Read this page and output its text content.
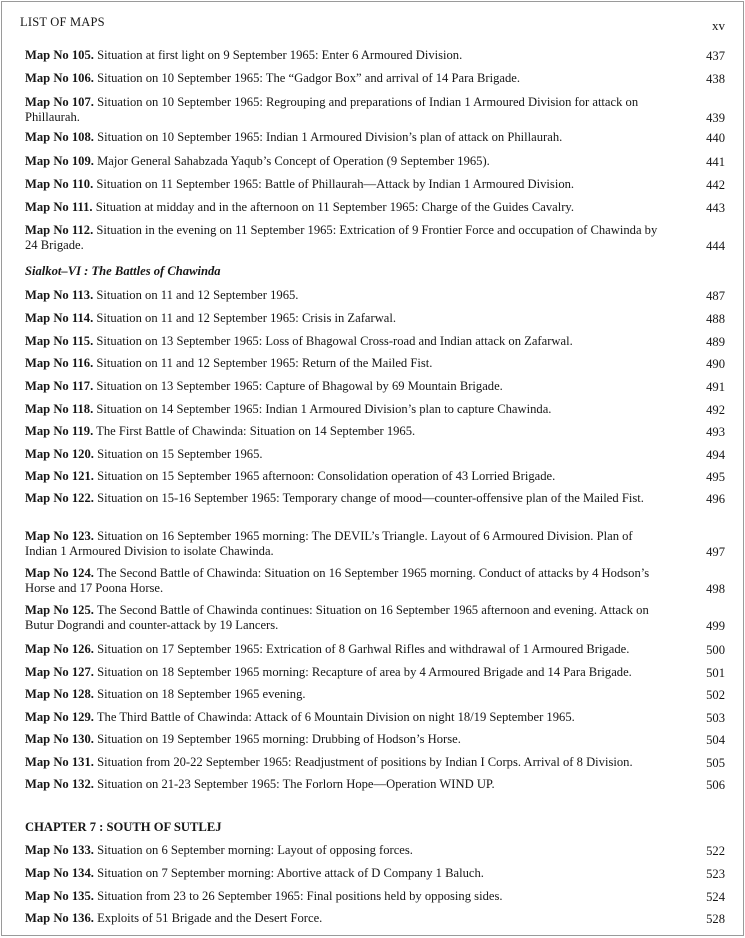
LIST OF MAPS	xv
Map No 105. Situation at first light on 9 September 1965: Enter 6 Armoured Division.	437
Map No 106. Situation on 10 September 1965: The “Gadgor Box” and arrival of 14 Para Brigade.	438
Map No 107. Situation on 10 September 1965: Regrouping and preparations of Indian 1 Armoured Division for attack on Phillaurah.	439
Map No 108. Situation on 10 September 1965: Indian 1 Armoured Division’s plan of attack on Phillaurah.	440
Map No 109. Major General Sahabzada Yaqub’s Concept of Operation (9 September 1965).	441
Map No 110. Situation on 11 September 1965: Battle of Phillaurah—Attack by Indian 1 Armoured Division.	442
Map No 111. Situation at midday and in the afternoon on 11 September 1965: Charge of the Guides Cavalry.	443
Map No 112. Situation in the evening on 11 September 1965: Extrication of 9 Frontier Force and occupation of Chawinda by 24 Brigade.	444
Sialkot–VI : The Battles of Chawinda
Map No 113. Situation on 11 and 12 September 1965.	487
Map No 114. Situation on 11 and 12 September 1965: Crisis in Zafarwal.	488
Map No 115. Situation on 13 September 1965: Loss of Bhagowal Cross-road and Indian attack on Zafarwal.	489
Map No 116. Situation on 11 and 12 September 1965: Return of the Mailed Fist.	490
Map No 117. Situation on 13 September 1965: Capture of Bhagowal by 69 Mountain Brigade.	491
Map No 118. Situation on 14 September 1965: Indian 1 Armoured Division’s plan to capture Chawinda.	492
Map No 119. The First Battle of Chawinda: Situation on 14 September 1965.	493
Map No 120. Situation on 15 September 1965.	494
Map No 121. Situation on 15 September 1965 afternoon: Consolidation operation of 43 Lorried Brigade.	495
Map No 122. Situation on 15-16 September 1965: Temporary change of mood—counter-offensive plan of the Mailed Fist.	496
Map No 123. Situation on 16 September 1965 morning: The DEVIL’s Triangle. Layout of 6 Armoured Division. Plan of Indian 1 Armoured Division to isolate Chawinda.	497
Map No 124. The Second Battle of Chawinda: Situation on 16 September 1965 morning. Conduct of attacks by 4 Hodson’s Horse and 17 Poona Horse.	498
Map No 125. The Second Battle of Chawinda continues: Situation on 16 September 1965 afternoon and evening. Attack on Butur Dograndi and counter-attack by 19 Lancers.	499
Map No 126. Situation on 17 September 1965: Extrication of 8 Garhwal Rifles and withdrawal of 1 Armoured Brigade.	500
Map No 127. Situation on 18 September 1965 morning: Recapture of area by 4 Armoured Brigade and 14 Para Brigade.	501
Map No 128. Situation on 18 September 1965 evening.	502
Map No 129. The Third Battle of Chawinda: Attack of 6 Mountain Division on night 18/19 September 1965.	503
Map No 130. Situation on 19 September 1965 morning: Drubbing of Hodson’s Horse.	504
Map No 131. Situation from 20-22 September 1965: Readjustment of positions by Indian I Corps. Arrival of 8 Division.	505
Map No 132. Situation on 21-23 September 1965: The Forlorn Hope—Operation WIND UP.	506
CHAPTER 7 : SOUTH OF SUTLEJ
Map No 133. Situation on 6 September morning: Layout of opposing forces.	522
Map No 134. Situation on 7 September morning: Abortive attack of D Company 1 Baluch.	523
Map No 135. Situation from 23 to 26 September 1965: Final positions held by opposing sides.	524
Map No 136. Exploits of 51 Brigade and the Desert Force.	528
